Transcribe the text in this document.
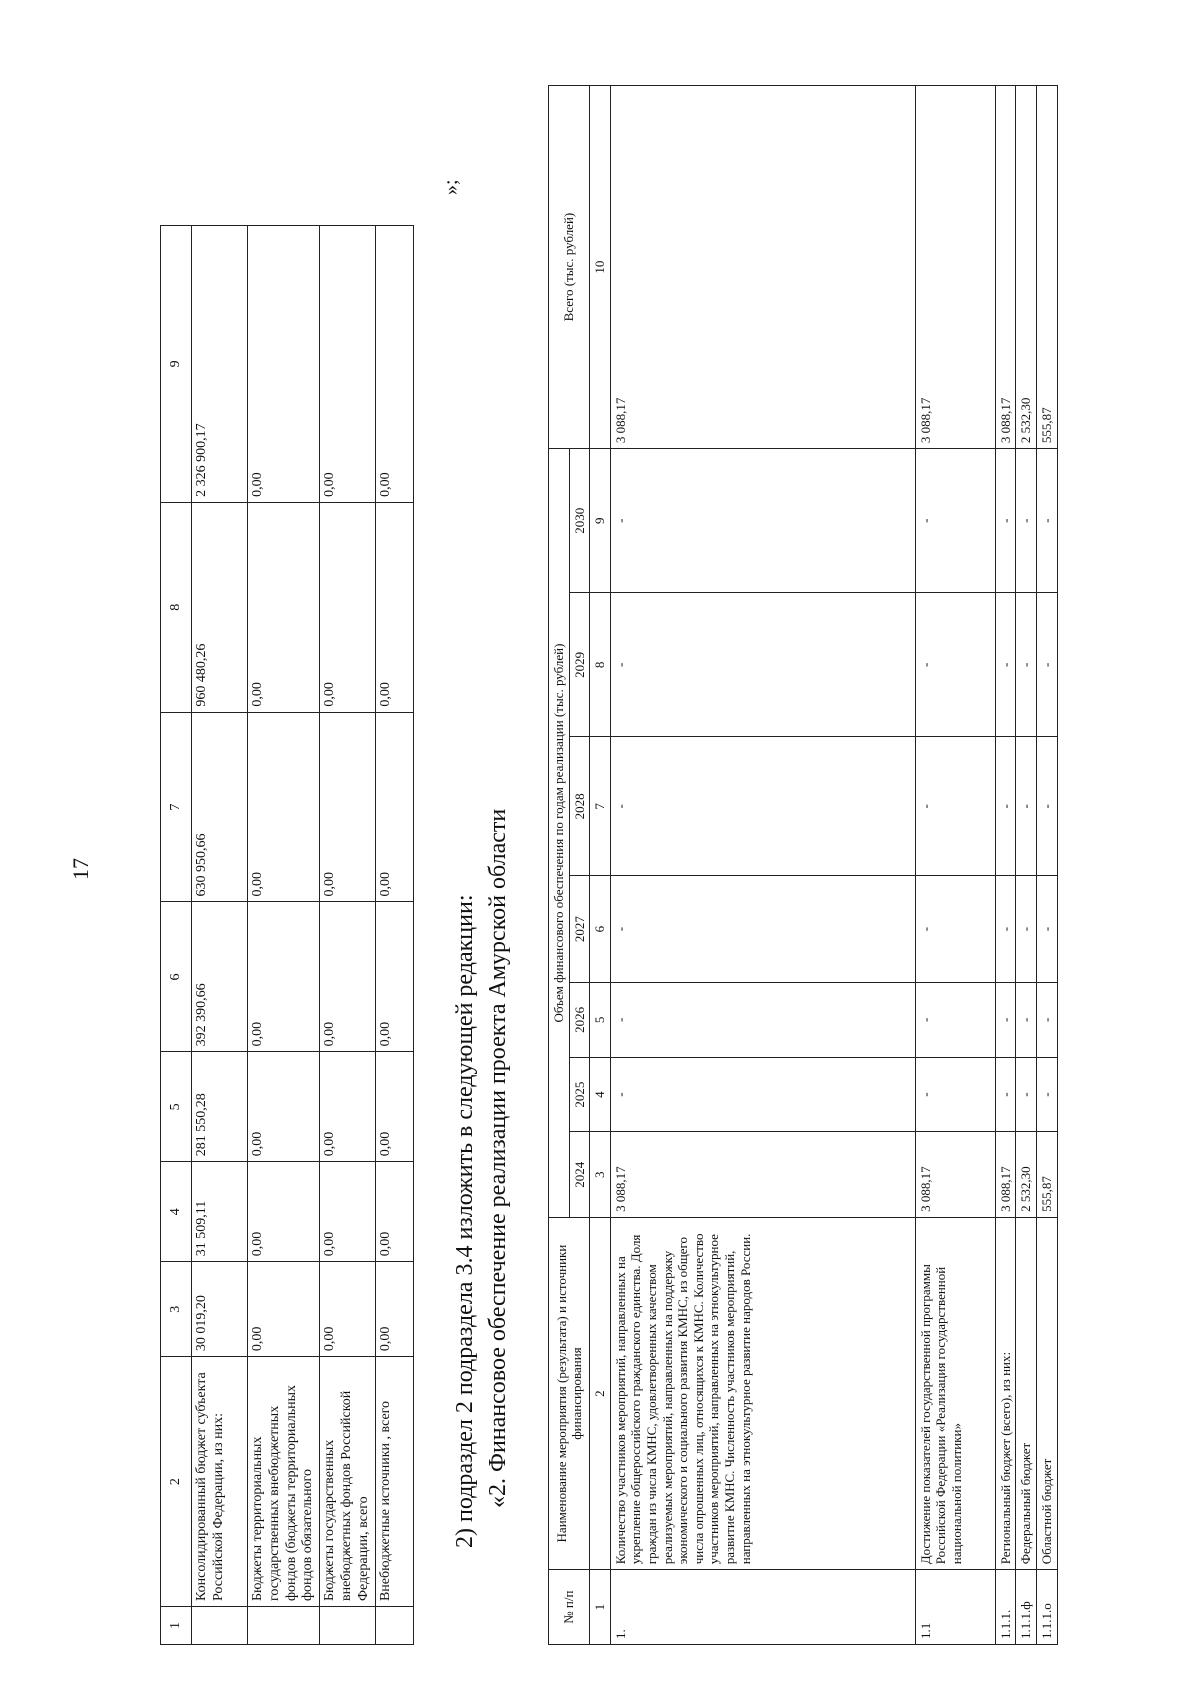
17
1	2	3	4	5	6	7	8	9
	Консолидированный бюджет субъекта Российской Федерации, из них:	30 019,20	31 509,11	281 550,28	392 390,66	630 950,66	960 480,26	2 326 900,17
	Бюджеты территориальных государственных внебюджетных фондов (бюджеты территориальных фондов обязательного	0,00	0,00	0,00	0,00	0,00	0,00	0,00
	Бюджеты государственных внебюджетных фондов Российской Федерации, всего	0,00	0,00	0,00	0,00	0,00	0,00	0,00
	Внебюджетные источники , всего	0,00	0,00	0,00	0,00	0,00	0,00	0,00
»;
2) подраздел 2 подраздела 3.4 изложить в следующей редакции: «2. Финансовое обеспечение реализации проекта Амурской области
№ п/п	Наименование мероприятия (результата) и источники финансирования	Объем финансового обеспечения по годам реализации (тыс. рублей)							Всего (тыс. рублей)
		2024	2025	2026	2027	2028	2029	2030	
1	2	3	4	5	6	7	8	9	10
1.	Количество участников мероприятий, направленных на укрепление общероссийского гражданского единства. Доля граждан из числа КМНС, удовлетворенных качеством реализуемых мероприятий, направленных на поддержку экономического и социального развития КМНС, из общего числа опрошенных лиц, относящихся к КМНС. Количество участников мероприятий, направленных на этнокультурное развитие КМНС. Численность участников мероприятий, направленных на этнокультурное развитие народов России.	3 088,17	-	-	-	-	-	-	3 088,17
1.1	Достижение показателей государственной программы Российской Федерации «Реализация государственной национальной политики»	3 088,17	-	-	-	-	-	-	3 088,17
1.1.1.	Региональный бюджет (всего), из них:	3 088,17	-	-	-	-	-	-	3 088,17
1.1.1.ф	Федеральный бюджет	2 532,30	-	-	-	-	-	-	2 532,30
1.1.1.о	Областной бюджет	555,87	-	-	-	-	-	-	555,87
